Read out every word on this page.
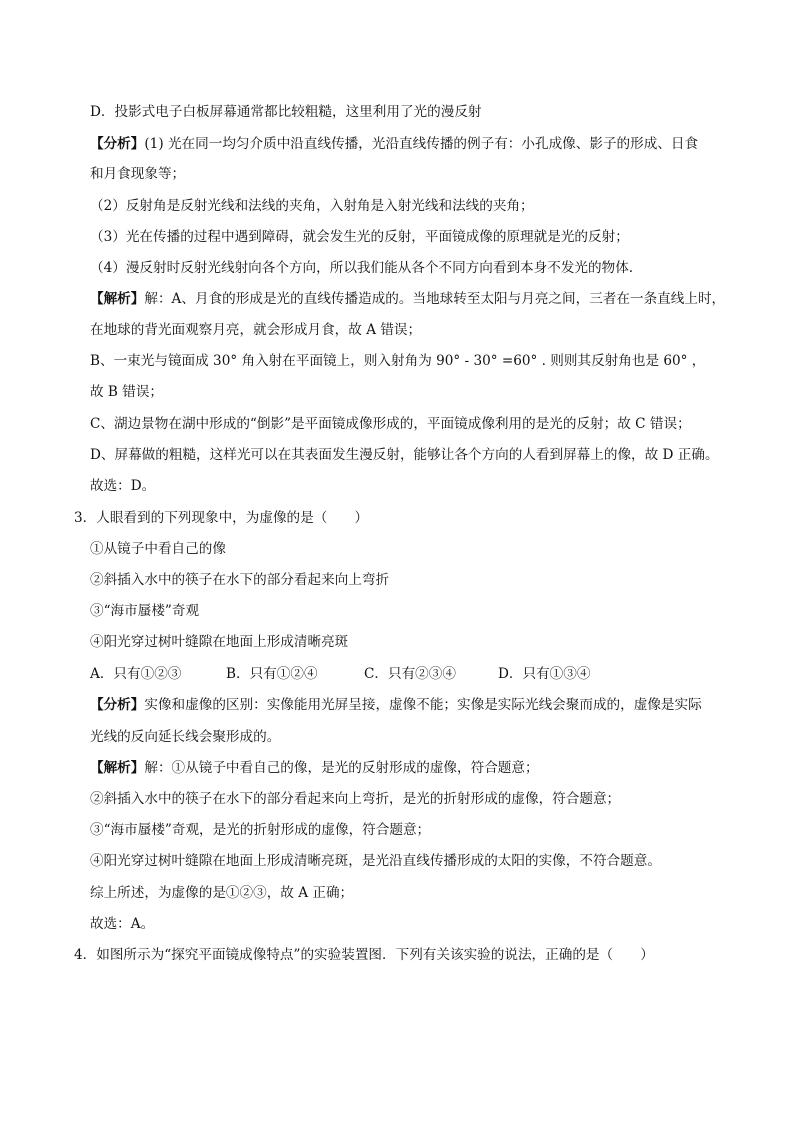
D．投影式电子白板屏幕通常都比较粗糙，这里利用了光的漫反射
【分析】(1) 光在同一均匀介质中沿直线传播，光沿直线传播的例子有：小孔成像、影子的形成、日食
和月食现象等；
（2）反射角是反射光线和法线的夹角，入射角是入射光线和法线的夹角；
（3）光在传播的过程中遇到障碍，就会发生光的反射，平面镜成像的原理就是光的反射；
（4）漫反射时反射光线射向各个方向，所以我们能从各个不同方向看到本身不发光的物体.
【解析】解：A、月食的形成是光的直线传播造成的。当地球转至太阳与月亮之间，三者在一条直线上时，
在地球的背光面观察月亮，就会形成月食，故 A 错误；
B、一束光与镜面成 30° 角入射在平面镜上，则入射角为 90° - 30° =60° . 则则其反射角也是 60° ，
故 B 错误；
C、湖边景物在湖中形成的“倒影”是平面镜成像形成的，平面镜成像利用的是光的反射；故 C 错误；
D、屏幕做的粗糙，这样光可以在其表面发生漫反射，能够让各个方向的人看到屏幕上的像，故 D 正确。
故选：D。
3．人眼看到的下列现象中，为虚像的是（　　）
①从镜子中看自己的像
②斜插入水中的筷子在水下的部分看起来向上弯折
③“海市蜃楼”奇观
④阳光穿过树叶缝隙在地面上形成清晰亮斑
A．只有①②③	B．只有①②④	C．只有②③④	D．只有①③④
【分析】实像和虚像的区别：实像能用光屏呈接，虚像不能；实像是实际光线会聚而成的，虚像是实际
光线的反向延长线会聚形成的。
【解析】解：①从镜子中看自己的像，是光的反射形成的虚像，符合题意；
②斜插入水中的筷子在水下的部分看起来向上弯折，是光的折射形成的虚像，符合题意；
③“海市蜃楼”奇观，是光的折射形成的虚像，符合题意；
④阳光穿过树叶缝隙在地面上形成清晰亮斑，是光沿直线传播形成的太阳的实像，不符合题意。
综上所述，为虚像的是①②③，故 A 正确；
故选：A。
4．如图所示为“探究平面镜成像特点”的实验装置图．下列有关该实验的说法，正确的是（　　）
